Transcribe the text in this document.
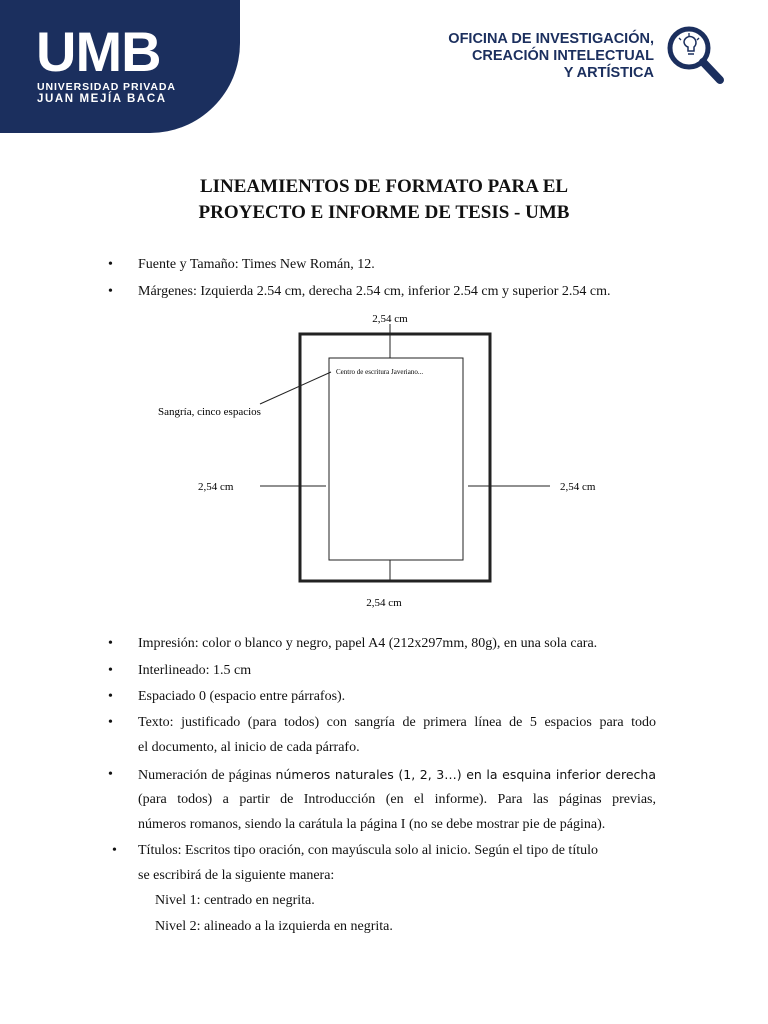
UMB
UNIVERSIDAD PRIVADA
JUAN MEJÍA BACA
OFICINA DE INVESTIGACIÓN,
CREACIÓN INTELECTUAL
Y ARTÍSTICA
LINEAMIENTOS DE FORMATO PARA EL
PROYECTO E INFORME DE TESIS - UMB
• Fuente y Tamaño: Times New Román, 12.
• Márgenes: Izquierda 2.54 cm, derecha 2.54 cm, inferior 2.54 cm y superior 2.54 cm.
2,54 cm
2,54 cm	2,54 cm
2,54 cm
Centro de escritura Javeriano...
Sangría, cinco espacios
• Impresión: color o blanco y negro, papel A4 (212x297mm, 80g), en una sola cara.
• Interlineado: 1.5 cm
• Espaciado 0 (espacio entre párrafos).
• Texto: justificado (para todos) con sangría de primera línea de 5 espacios para todo
el documento, al inicio de cada párrafo.
• Numeración de páginas números naturales (1, 2, 3…) en la esquina inferior derecha
(para todos) a partir de Introducción (en el informe). Para las páginas previas,
números romanos, siendo la carátula la página I (no se debe mostrar pie de página).
• Títulos: Escritos tipo oración, con mayúscula solo al inicio. Según el tipo de título
se escribirá de la siguiente manera:
Nivel 1: centrado en negrita.
Nivel 2: alineado a la izquierda en negrita.
